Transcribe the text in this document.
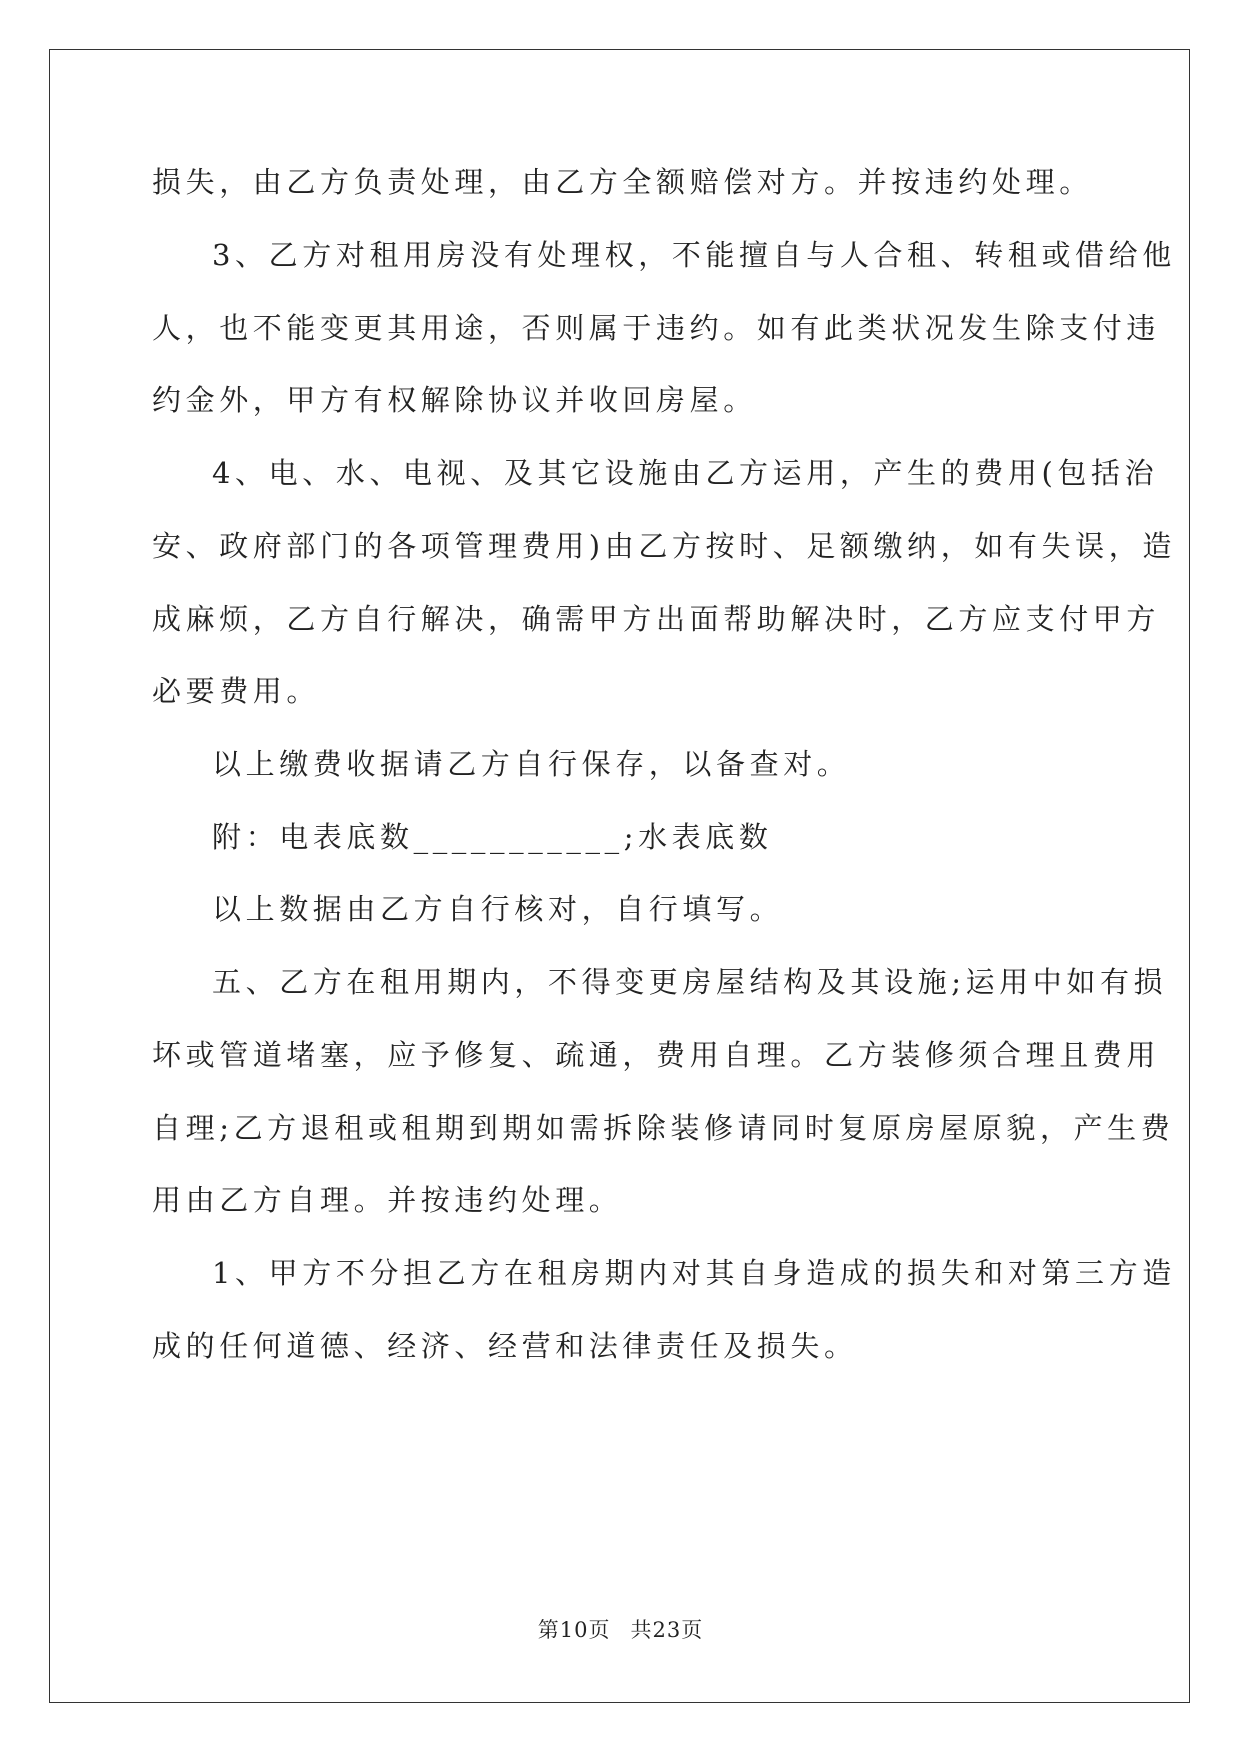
损失，由乙方负责处理，由乙方全额赔偿对方。并按违约处理。
3、乙方对租用房没有处理权，不能擅自与人合租、转租或借给他
人，也不能变更其用途，否则属于违约。如有此类状况发生除支付违
约金外，甲方有权解除协议并收回房屋。
4、电、水、电视、及其它设施由乙方运用，产生的费用(包括治
安、政府部门的各项管理费用)由乙方按时、足额缴纳，如有失误，造
成麻烦，乙方自行解决，确需甲方出面帮助解决时，乙方应支付甲方
必要费用。
以上缴费收据请乙方自行保存，以备查对。
附：电表底数___________;水表底数
以上数据由乙方自行核对，自行填写。
五、乙方在租用期内，不得变更房屋结构及其设施;运用中如有损
坏或管道堵塞，应予修复、疏通，费用自理。乙方装修须合理且费用
自理;乙方退租或租期到期如需拆除装修请同时复原房屋原貌，产生费
用由乙方自理。并按违约处理。
1、甲方不分担乙方在租房期内对其自身造成的损失和对第三方造
成的任何道德、经济、经营和法律责任及损失。
第10页 共23页
